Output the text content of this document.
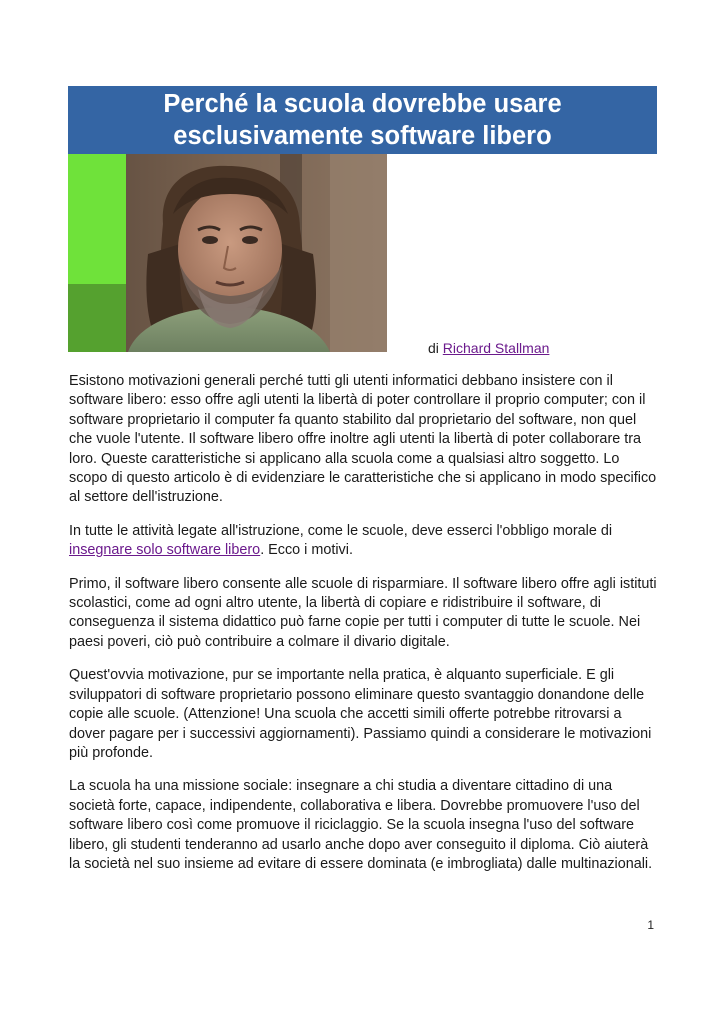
Perché la scuola dovrebbe usare
esclusivamente software libero
di Richard Stallman

Esistono motivazioni generali perché tutti gli utenti informatici debbano insistere con il software libero: esso offre agli utenti la libertà di poter controllare il proprio computer; con il software proprietario il computer fa quanto stabilito dal proprietario del software, non quel che vuole l'utente. Il software libero offre inoltre agli utenti la libertà di poter collaborare tra loro. Queste caratteristiche si applicano alla scuola come a qualsiasi altro soggetto. Lo scopo di questo articolo è di evidenziare le caratteristiche che si applicano in modo specifico al settore dell'istruzione.

In tutte le attività legate all'istruzione, come le scuole, deve esserci l'obbligo morale di insegnare solo software libero. Ecco i motivi.

Primo, il software libero consente alle scuole di risparmiare. Il software libero offre agli istituti scolastici, come ad ogni altro utente, la libertà di copiare e ridistribuire il software, di conseguenza il sistema didattico può farne copie per tutti i computer di tutte le scuole. Nei paesi poveri, ciò può contribuire a colmare il divario digitale.

Quest'ovvia motivazione, pur se importante nella pratica, è alquanto superficiale. E gli sviluppatori di software proprietario possono eliminare questo svantaggio donandone delle copie alle scuole. (Attenzione! Una scuola che accetti simili offerte potrebbe ritrovarsi a dover pagare per i successivi aggiornamenti). Passiamo quindi a considerare le motivazioni più profonde.

La scuola ha una missione sociale: insegnare a chi studia a diventare cittadino di una società forte, capace, indipendente, collaborativa e libera. Dovrebbe promuovere l'uso del software libero così come promuove il riciclaggio. Se la scuola insegna l'uso del software libero, gli studenti tenderanno ad usarlo anche dopo aver conseguito il diploma. Ciò aiuterà la società nel suo insieme ad evitare di essere dominata (e imbrogliata) dalle multinazionali.

1
